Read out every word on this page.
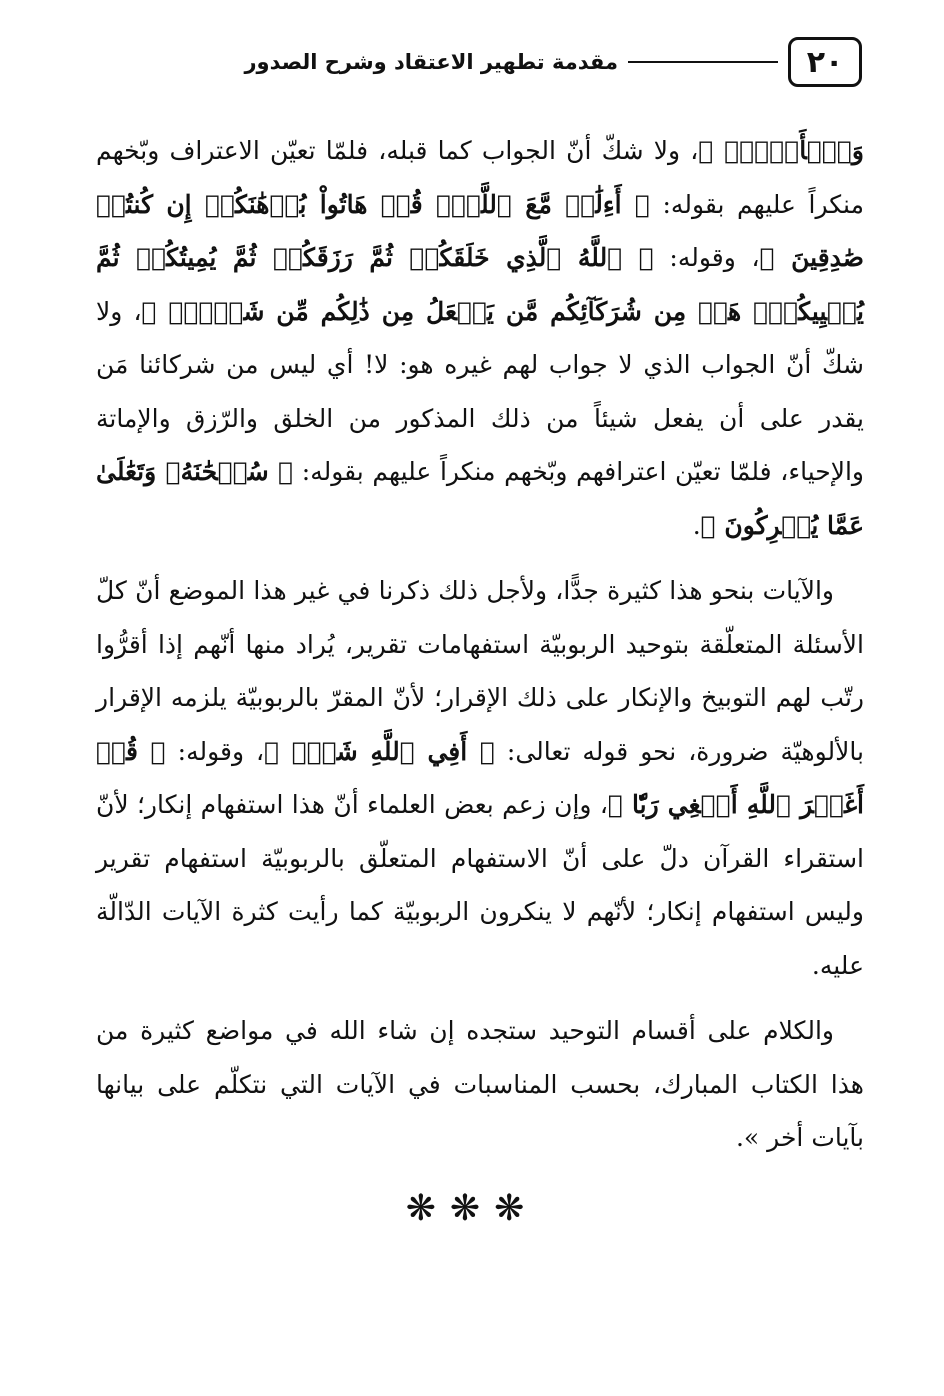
٢٠
مقدمة تطهير الاعتقاد وشرح الصدور

وَٱلۡأَرۡضِۗ ﴾، ولا شكّ أنّ الجواب كما قبله، فلمّا تعيّن الاعتراف وبّخهم منكراً عليهم بقوله: ﴿ أَءِلَٰهٞ مَّعَ ٱللَّهِۚ قُلۡ هَاتُواْ بُرۡهَٰنَكُمۡ إِن كُنتُمۡ صَٰدِقِينَ ﴾، وقوله: ﴿ ٱللَّهُ ٱلَّذِي خَلَقَكُمۡ ثُمَّ رَزَقَكُمۡ ثُمَّ يُمِيتُكُمۡ ثُمَّ يُحۡيِيكُمۡۖ هَلۡ مِن شُرَكَآئِكُم مَّن يَفۡعَلُ مِن ذَٰلِكُم مِّن شَيۡءٖۚ ﴾، ولا شكّ أنّ الجواب الذي لا جواب لهم غيره هو: لا! أي ليس من شركائنا مَن يقدر على أن يفعل شيئاً من ذلك المذكور من الخلق والرّزق والإماتة والإحياء، فلمّا تعيّن اعترافهم وبّخهم منكراً عليهم بقوله: ﴿ سُبۡحَٰنَهُۥ وَتَعَٰلَىٰ عَمَّا يُشۡرِكُونَ ﴾.

والآيات بنحو هذا كثيرة جدًّا، ولأجل ذلك ذكرنا في غير هذا الموضع أنّ كلّ الأسئلة المتعلّقة بتوحيد الربوبيّة استفهامات تقرير، يُراد منها أنّهم إذا أقرُّوا رتّب لهم التوبيخ والإنكار على ذلك الإقرار؛ لأنّ المقرّ بالربوبيّة يلزمه الإقرار بالألوهيّة ضرورة، نحو قوله تعالى: ﴿ أَفِي ٱللَّهِ شَكّٞ ﴾، وقوله: ﴿ قُلۡ أَغَيۡرَ ٱللَّهِ أَبۡغِي رَبّٗا ﴾، وإن زعم بعض العلماء أنّ هذا استفهام إنكار؛ لأنّ استقراء القرآن دلّ على أنّ الاستفهام المتعلّق بالربوبيّة استفهام تقرير وليس استفهام إنكار؛ لأنّهم لا ينكرون الربوبيّة كما رأيت كثرة الآيات الدّالّة عليه.

والكلام على أقسام التوحيد ستجده إن شاء الله في مواضع كثيرة من هذا الكتاب المبارك، بحسب المناسبات في الآيات التي نتكلّم على بيانها بآيات أخر ».

❋❋❋
